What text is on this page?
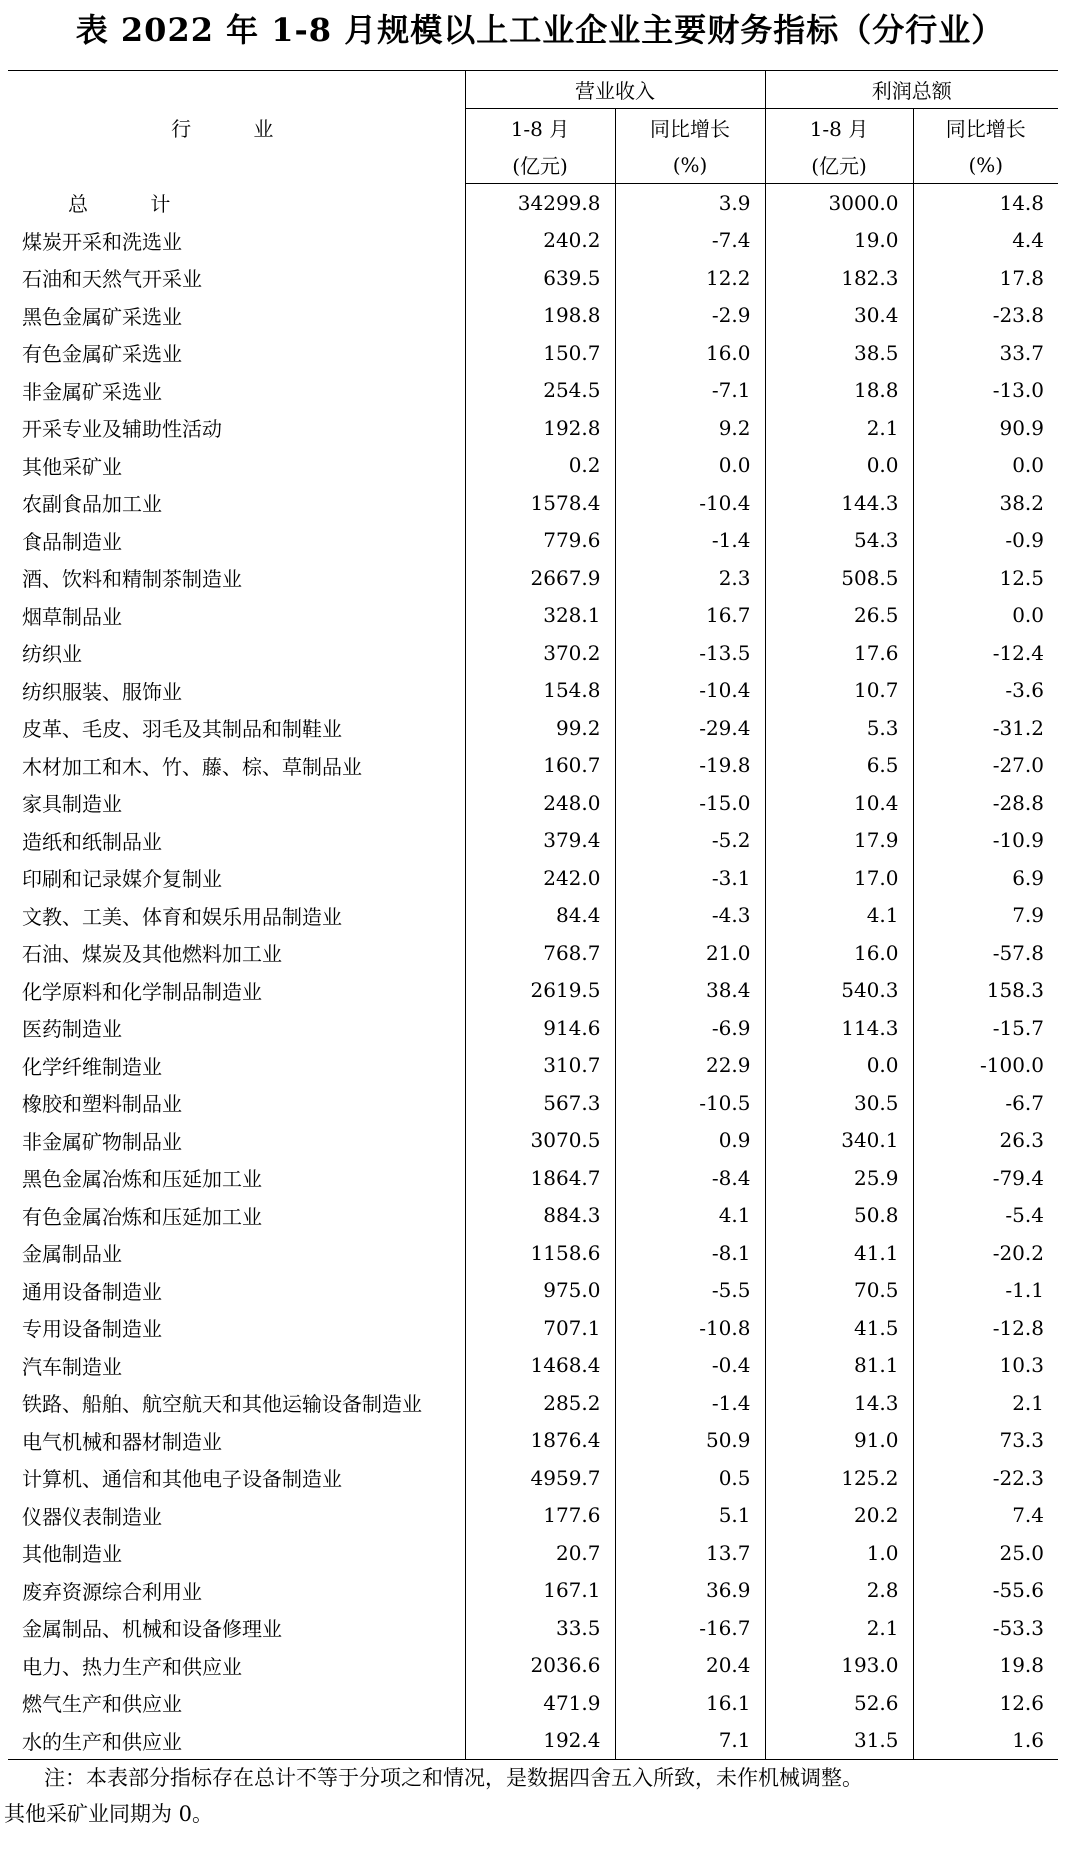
表 2022 年 1-8 月规模以上工业企业主要财务指标（分行业）
行 业	营业收入		利润总额	
	1-8 月	同比增长	1-8 月	同比增长
	(亿元)	(%)	(亿元)	(%)
总 计	34299.8	3.9	3000.0	14.8
煤炭开采和洗选业	240.2	-7.4	19.0	4.4
石油和天然气开采业	639.5	12.2	182.3	17.8
黑色金属矿采选业	198.8	-2.9	30.4	-23.8
有色金属矿采选业	150.7	16.0	38.5	33.7
非金属矿采选业	254.5	-7.1	18.8	-13.0
开采专业及辅助性活动	192.8	9.2	2.1	90.9
其他采矿业	0.2	0.0	0.0	0.0
农副食品加工业	1578.4	-10.4	144.3	38.2
食品制造业	779.6	-1.4	54.3	-0.9
酒、饮料和精制茶制造业	2667.9	2.3	508.5	12.5
烟草制品业	328.1	16.7	26.5	0.0
纺织业	370.2	-13.5	17.6	-12.4
纺织服装、服饰业	154.8	-10.4	10.7	-3.6
皮革、毛皮、羽毛及其制品和制鞋业	99.2	-29.4	5.3	-31.2
木材加工和木、竹、藤、棕、草制品业	160.7	-19.8	6.5	-27.0
家具制造业	248.0	-15.0	10.4	-28.8
造纸和纸制品业	379.4	-5.2	17.9	-10.9
印刷和记录媒介复制业	242.0	-3.1	17.0	6.9
文教、工美、体育和娱乐用品制造业	84.4	-4.3	4.1	7.9
石油、煤炭及其他燃料加工业	768.7	21.0	16.0	-57.8
化学原料和化学制品制造业	2619.5	38.4	540.3	158.3
医药制造业	914.6	-6.9	114.3	-15.7
化学纤维制造业	310.7	22.9	0.0	-100.0
橡胶和塑料制品业	567.3	-10.5	30.5	-6.7
非金属矿物制品业	3070.5	0.9	340.1	26.3
黑色金属冶炼和压延加工业	1864.7	-8.4	25.9	-79.4
有色金属冶炼和压延加工业	884.3	4.1	50.8	-5.4
金属制品业	1158.6	-8.1	41.1	-20.2
通用设备制造业	975.0	-5.5	70.5	-1.1
专用设备制造业	707.1	-10.8	41.5	-12.8
汽车制造业	1468.4	-0.4	81.1	10.3
铁路、船舶、航空航天和其他运输设备制造业	285.2	-1.4	14.3	2.1
电气机械和器材制造业	1876.4	50.9	91.0	73.3
计算机、通信和其他电子设备制造业	4959.7	0.5	125.2	-22.3
仪器仪表制造业	177.6	5.1	20.2	7.4
其他制造业	20.7	13.7	1.0	25.0
废弃资源综合利用业	167.1	36.9	2.8	-55.6
金属制品、机械和设备修理业	33.5	-16.7	2.1	-53.3
电力、热力生产和供应业	2036.6	20.4	193.0	19.8
燃气生产和供应业	471.9	16.1	52.6	12.6
水的生产和供应业	192.4	7.1	31.5	1.6
注：本表部分指标存在总计不等于分项之和情况，是数据四舍五入所致，未作机械调整。
其他采矿业同期为 0。
